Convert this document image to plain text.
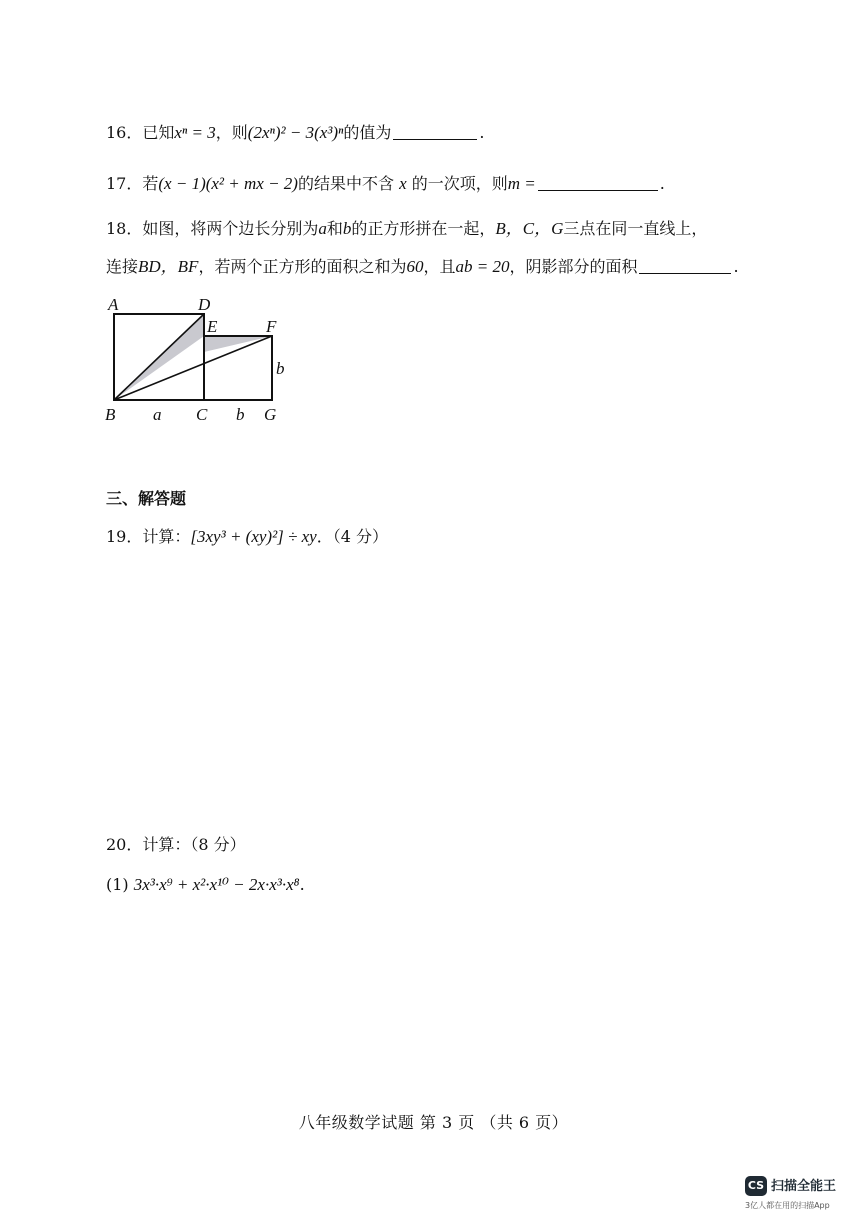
16．已知xⁿ = 3，则(2xⁿ)² − 3(x³)ⁿ的值为	.
17．若(x − 1)(x² + mx − 2)的结果中不含 x 的一次项，则m =	.
18．如图，将两个边长分别为a和b的正方形拼在一起，B，C，G三点在同一直线上，
连接BD，BF，若两个正方形的面积之和为60，且ab = 20，阴影部分的面积	.
A	D
E	F
b
B a C b G
三、解答题
19．计算：[3xy³ + (xy)²] ÷ xy．（4 分）
20．计算：（8 分）
(1) 3x³·x⁹ + x²·x¹⁰ − 2x·x³·x⁸.
八年级数学试题 第 3 页 （共 6 页）
CS 扫描全能王
3亿人都在用的扫描App
